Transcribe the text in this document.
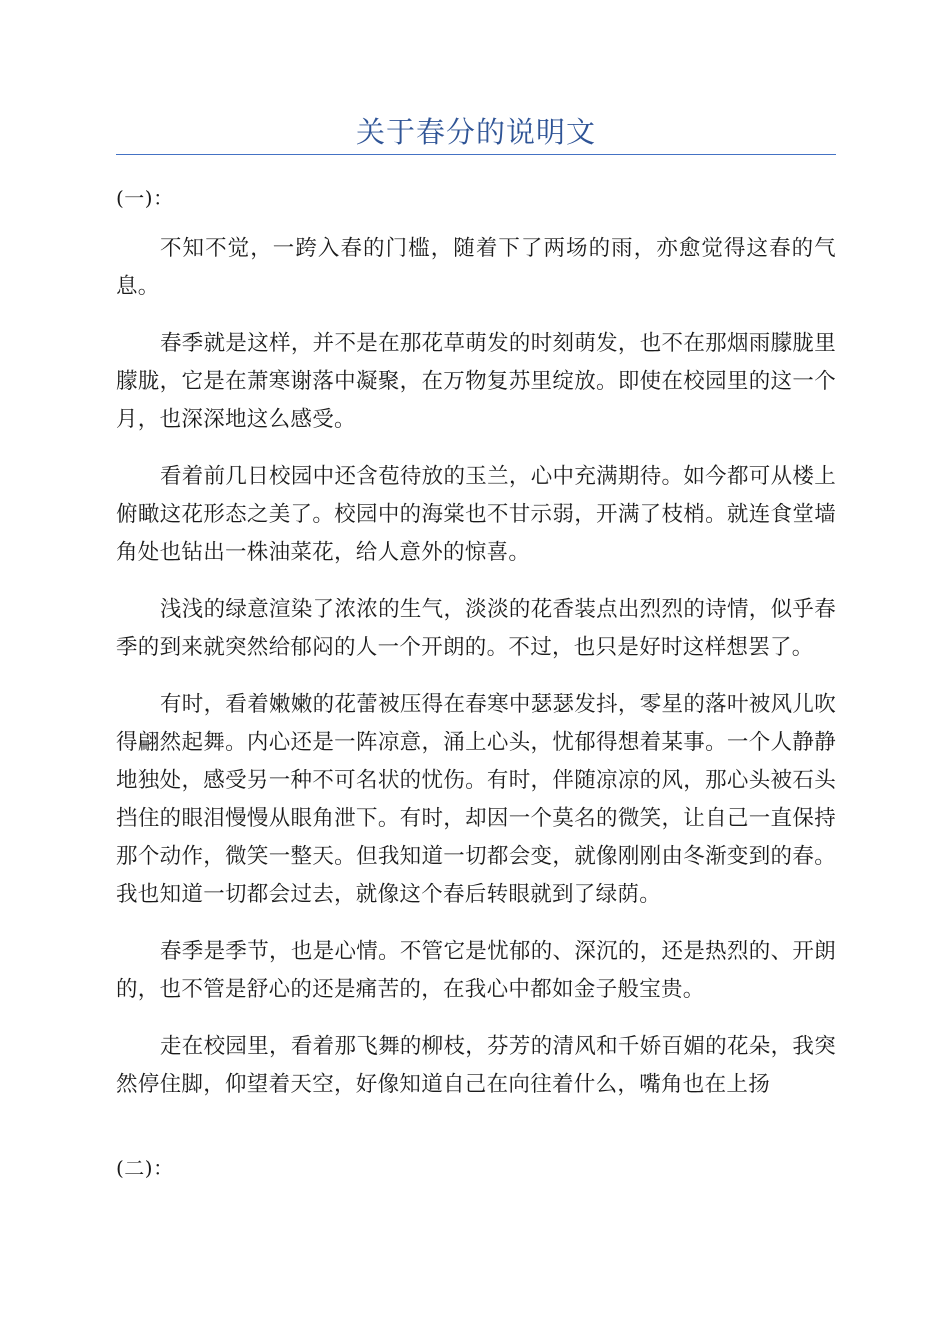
关于春分的说明文
(一)：

不知不觉，一跨入春的门槛，随着下了两场的雨，亦愈觉得这春的气息。

春季就是这样，并不是在那花草萌发的时刻萌发，也不在那烟雨朦胧里朦胧，它是在萧寒谢落中凝聚，在万物复苏里绽放。即使在校园里的这一个月，也深深地这么感受。

看着前几日校园中还含苞待放的玉兰，心中充满期待。如今都可从楼上俯瞰这花形态之美了。校园中的海棠也不甘示弱，开满了枝梢。就连食堂墙角处也钻出一株油菜花，给人意外的惊喜。

浅浅的绿意渲染了浓浓的生气，淡淡的花香装点出烈烈的诗情，似乎春季的到来就突然给郁闷的人一个开朗的。不过，也只是好时这样想罢了。

有时，看着嫩嫩的花蕾被压得在春寒中瑟瑟发抖，零星的落叶被风儿吹得翩然起舞。内心还是一阵凉意，涌上心头，忧郁得想着某事。一个人静静地独处，感受另一种不可名状的忧伤。有时，伴随凉凉的风，那心头被石头挡住的眼泪慢慢从眼角泄下。有时，却因一个莫名的微笑，让自己一直保持那个动作，微笑一整天。但我知道一切都会变，就像刚刚由冬渐变到的春。我也知道一切都会过去，就像这个春后转眼就到了绿荫。

春季是季节，也是心情。不管它是忧郁的、深沉的，还是热烈的、开朗的，也不管是舒心的还是痛苦的，在我心中都如金子般宝贵。

走在校园里，看着那飞舞的柳枝，芬芳的清风和千娇百媚的花朵，我突然停住脚，仰望着天空，好像知道自己在向往着什么，嘴角也在上扬

(二)：
